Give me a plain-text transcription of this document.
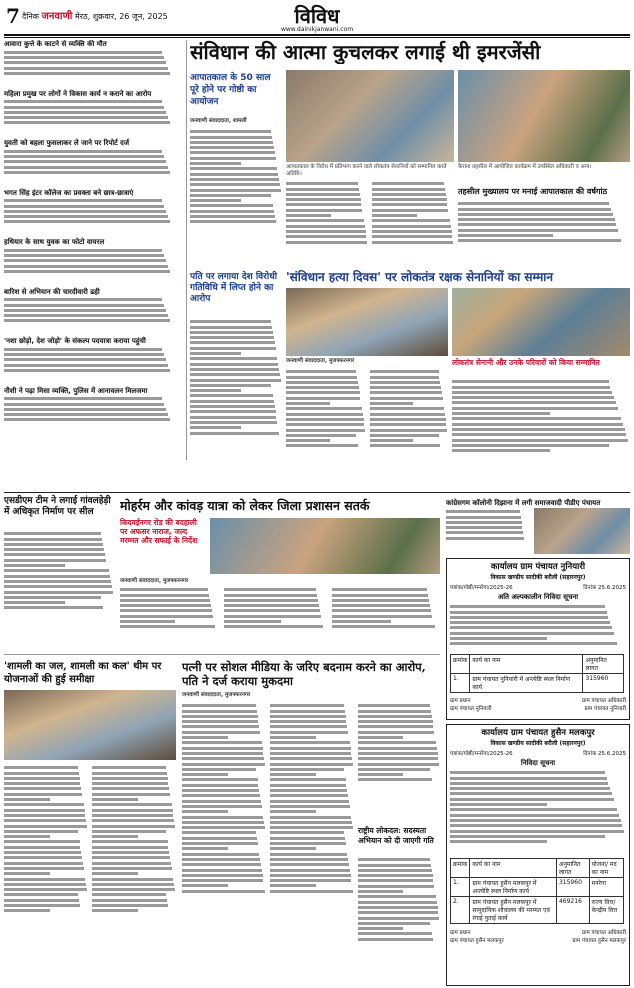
7 दैनिक जनवाणी मेरठ, शुक्रवार, 26 जून, 2025	विविध
www.dainikjanwani.com
आवारा कुत्ते के काटने से व्यक्ति की मौत
महिला प्रमुख पर लोगों ने विकास कार्य न कराने का आरोप
युवती को बहला फुसलाकर ले जाने पर रिपोर्ट दर्ज
भगत सिंह इंटर कॉलेज का प्रवक्ता बने छात्र-छात्राएं
हथियार के साथ युवक का फोटो वायरल
बारिश से अभियान की चारदीवारी ढही
'नशा छोड़ो, देश जोड़ो' के संकल्प पदयात्रा कराया पहुंची
नौशी ने पढ़ा मिसा व्यक्ति, पुलिस में आनावलन मिलजमा
संविधान की आत्मा कुचलकर लगाई थी इमरजेंसी
आपातकाल के 50 साल पूरे होने पर गोष्ठी का आयोजन
जनवाणी संवाददाता, शामली
आपातकाल के विरोध में प्रतिभाग करने वाले लोकतंत्र सेनानियों को सम्मानित करते अतिथि।
कैराना तहसील में आयोजित कार्यक्रम में उपस्थित अधिकारी व अन्य।
तहसील मुख्यालय पर मनाई आपातकाल की वर्षगांठ
पति पर लगाया देश विरोधी गतिविधि में लिप्त होने का आरोप
'संविधान हत्या दिवस' पर लोकतंत्र रक्षक सेनानियों का सम्मान
जनवाणी संवाददाता, मुजफ्फरनगर	लोकतंत्र सेनानी और उनके परिवारों को किया सम्मानित
एसडीएम टीम ने लगाई गांवलहेड़ी में अधिकृत निर्माण पर सील	मोहर्रम और कांवड़ यात्रा को लेकर जिला प्रशासन सतर्क
किदवईनगर रोड की बदहाली पर अफसर नाराज, जल्द मरम्मत और सफाई के निर्देश
जनवाणी संवाददाता, मुजफ्फरनगर
कांग्रेसगम कॉलोनी दिझाना में लगी समाजवादी पीडीए पंचायत
कार्यालय ग्राम पंचायत नुनियारी
विकास खण्डीय सादीकी बरौली (सहारनपुर)
पत्रांक/गोष्ठी/मनरेगा/2025-26	दिनांक 25.6.2025
अति अल्पकालीन निविदा सूचना
क्रमांक	कार्य का नाम	अनुमानित लागत
1.	ग्राम पंचायत नुनियारी में अन्त्येष्टि स्थल निर्माण कार्य	315960
ग्राम प्रधान
ग्राम पंचायत नुनियारी
ग्राम पंचायत अधिकारी
ग्राम पंचायत नुनियारी
'शामली का जल, शामली का कल' थीम पर योजनाओं की हुई समीक्षा
पत्नी पर सोशल मीडिया के जरिए बदनाम करने का आरोप, पति ने दर्ज कराया मुकदमा
जनवाणी संवाददाता, मुजफ्फरनगर
राष्ट्रीय लोकदल: सदस्यता अभियान को दी जाएगी गति
कार्यालय ग्राम पंचायत हुसैन मलकपुर
विकास खण्डीय सादीकी बरौली (सहारनपुर)
पत्रांक/गोष्ठी/मनरेगा/2025-26	दिनांक 25.6.2025
निविदा सूचना
क्रमांक	कार्य का नाम	अनुमानित लागत	योजना/ मद का नाम
1.	ग्राम पंचायत हुसैन मलकपुर में अन्त्येष्टि स्थल निर्माण कार्य	315960	मनरेगा
2.	ग्राम पंचायत हुसैन मलकपुर में सामुदायिक शौचालय की मरम्मत एवं रंगाई पुताई कार्य	469216	राज्य वित्त/ केन्द्रीय वित्त
ग्राम प्रधान
ग्राम पंचायत हुसैन मलकपुर
ग्राम पंचायत अधिकारी
ग्राम पंचायत हुसैन मलकपुर
